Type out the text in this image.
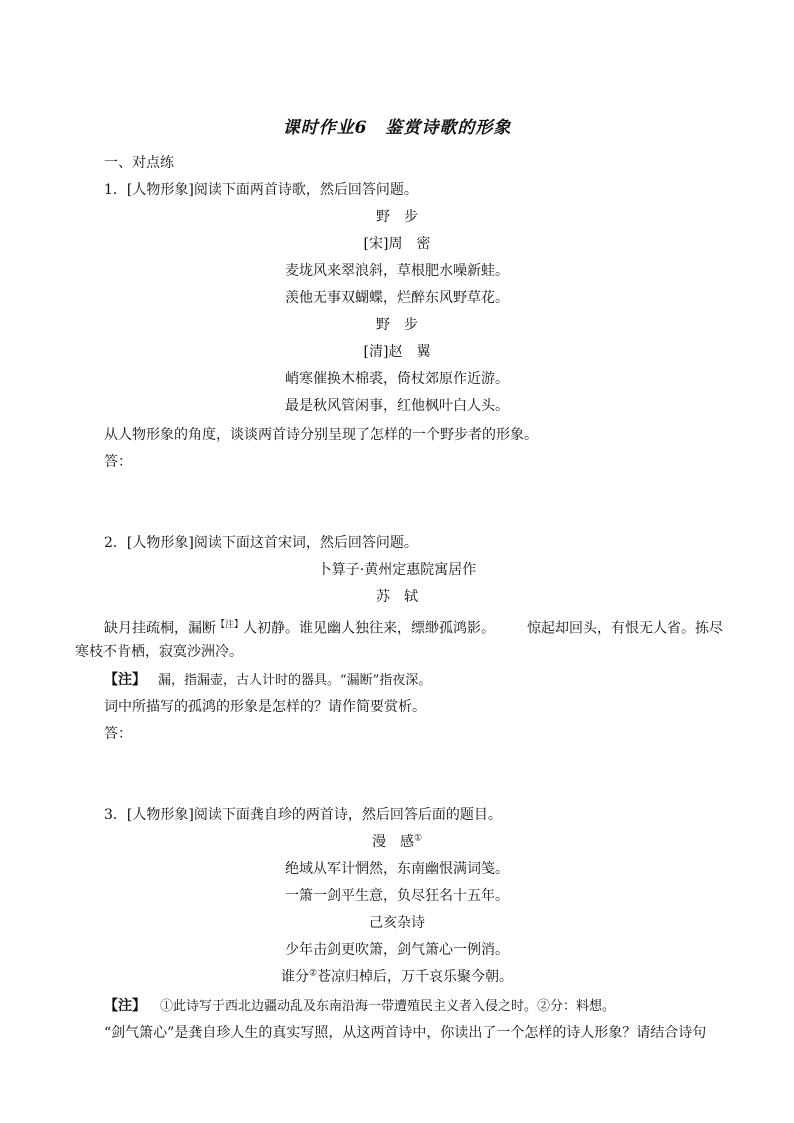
课时作业6　鉴赏诗歌的形象
一、对点练
1．[人物形象]阅读下面两首诗歌，然后回答问题。
野　步
[宋]周　密
麦垅风来翠浪斜，草根肥水噪新蛙。
羡他无事双蝴蝶，烂醉东风野草花。
野　步
[清]赵　翼
峭寒催换木棉裘，倚杖郊原作近游。
最是秋风管闲事，红他枫叶白人头。
从人物形象的角度，谈谈两首诗分别呈现了怎样的一个野步者的形象。
答：
2．[人物形象]阅读下面这首宋词，然后回答问题。
卜算子·黄州定惠院寓居作
苏　轼
缺月挂疏桐，漏断$^{【注】}$人初静。谁见幽人独往来，缥缈孤鸿影。 惊起却回头，有恨无人省。拣尽
寒枝不肯栖，寂寞沙洲冷。
【注】 漏，指漏壶，古人计时的器具。“漏断”指夜深。
词中所描写的孤鸿的形象是怎样的？请作简要赏析。
答：
3．[人物形象]阅读下面龚自珍的两首诗，然后回答后面的题目。
漫　感①
绝域从军计惘然，东南幽恨满词笺。
一箫一剑平生意，负尽狂名十五年。
己亥杂诗
少年击剑更吹箫，剑气箫心一例消。
谁分②苍凉归棹后，万千哀乐聚今朝。
【注】 ①此诗写于西北边疆动乱及东南沿海一带遭殖民主义者入侵之时。②分：料想。
“剑气箫心”是龚自珍人生的真实写照，从这两首诗中，你读出了一个怎样的诗人形象？请结合诗句
